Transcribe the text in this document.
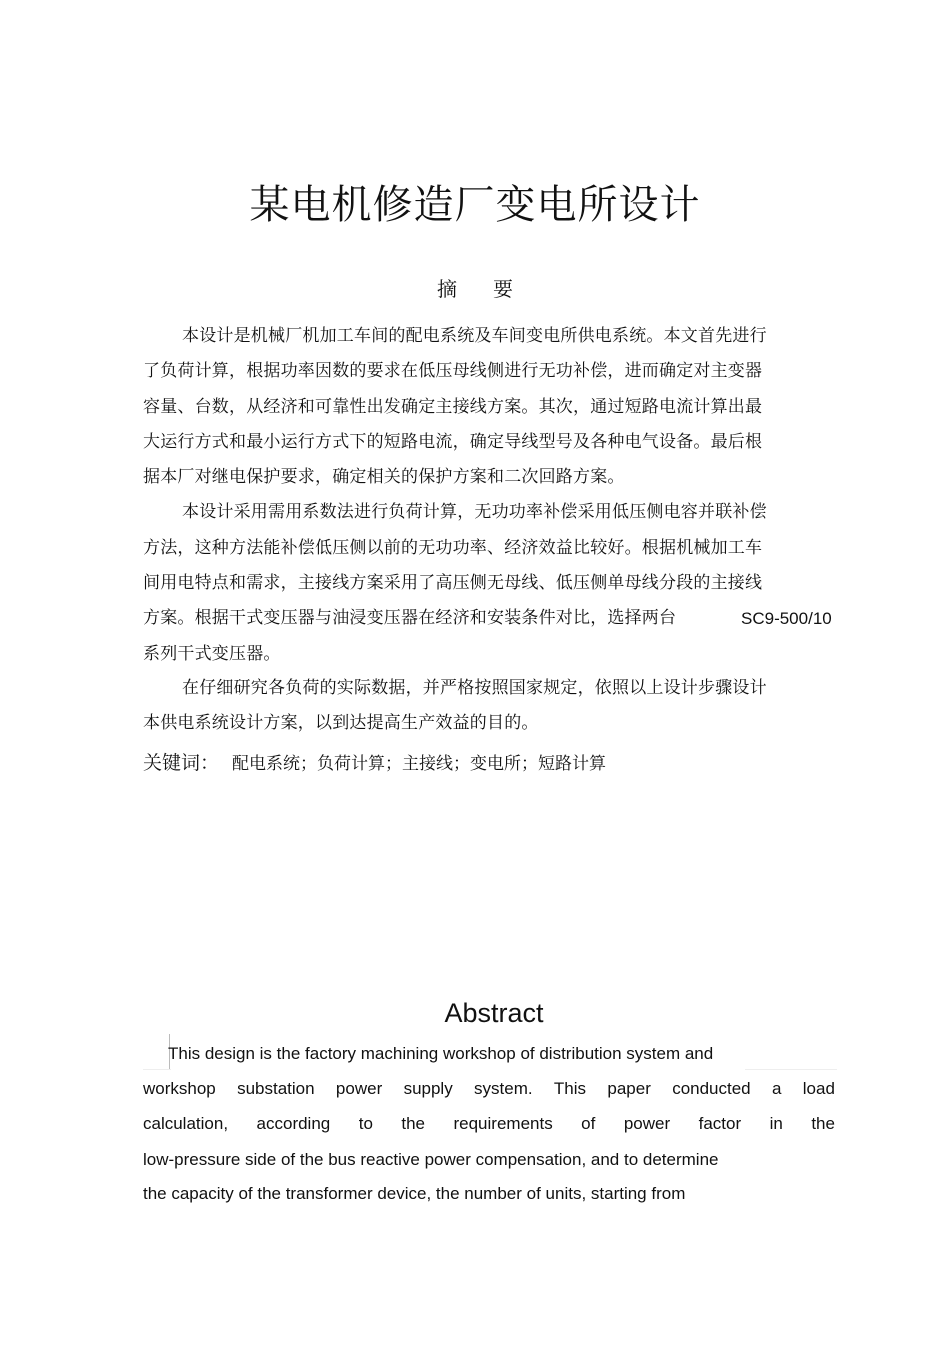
某电机修造厂变电所设计
摘 要
本设计是机械厂机加工车间的配电系统及车间变电所供电系统。本文首先进行
了负荷计算，根据功率因数的要求在低压母线侧进行无功补偿，进而确定对主变器
容量、台数，从经济和可靠性出发确定主接线方案。其次，通过短路电流计算出最
大运行方式和最小运行方式下的短路电流，确定导线型号及各种电气设备。最后根
据本厂对继电保护要求，确定相关的保护方案和二次回路方案。
本设计采用需用系数法进行负荷计算，无功功率补偿采用低压侧电容并联补偿
方法，这种方法能补偿低压侧以前的无功功率、经济效益比较好。根据机械加工车
间用电特点和需求，主接线方案采用了高压侧无母线、低压侧单母线分段的主接线
方案。根据干式变压器与油浸变压器在经济和安装条件对比，选择两台	SC9-500/10
系列干式变压器。
在仔细研究各负荷的实际数据，并严格按照国家规定，依照以上设计步骤设计
本供电系统设计方案，以到达提高生产效益的目的。
关键词： 配电系统；负荷计算；主接线；变电所；短路计算
Abstract
This design is the factory machining workshop of distribution system and
workshop substation power supply system. This paper conducted a load
calculation, according to the requirements of power factor in the
low-pressure side of the bus reactive power compensation, and to determine
the capacity of the transformer device, the number of units, starting from
